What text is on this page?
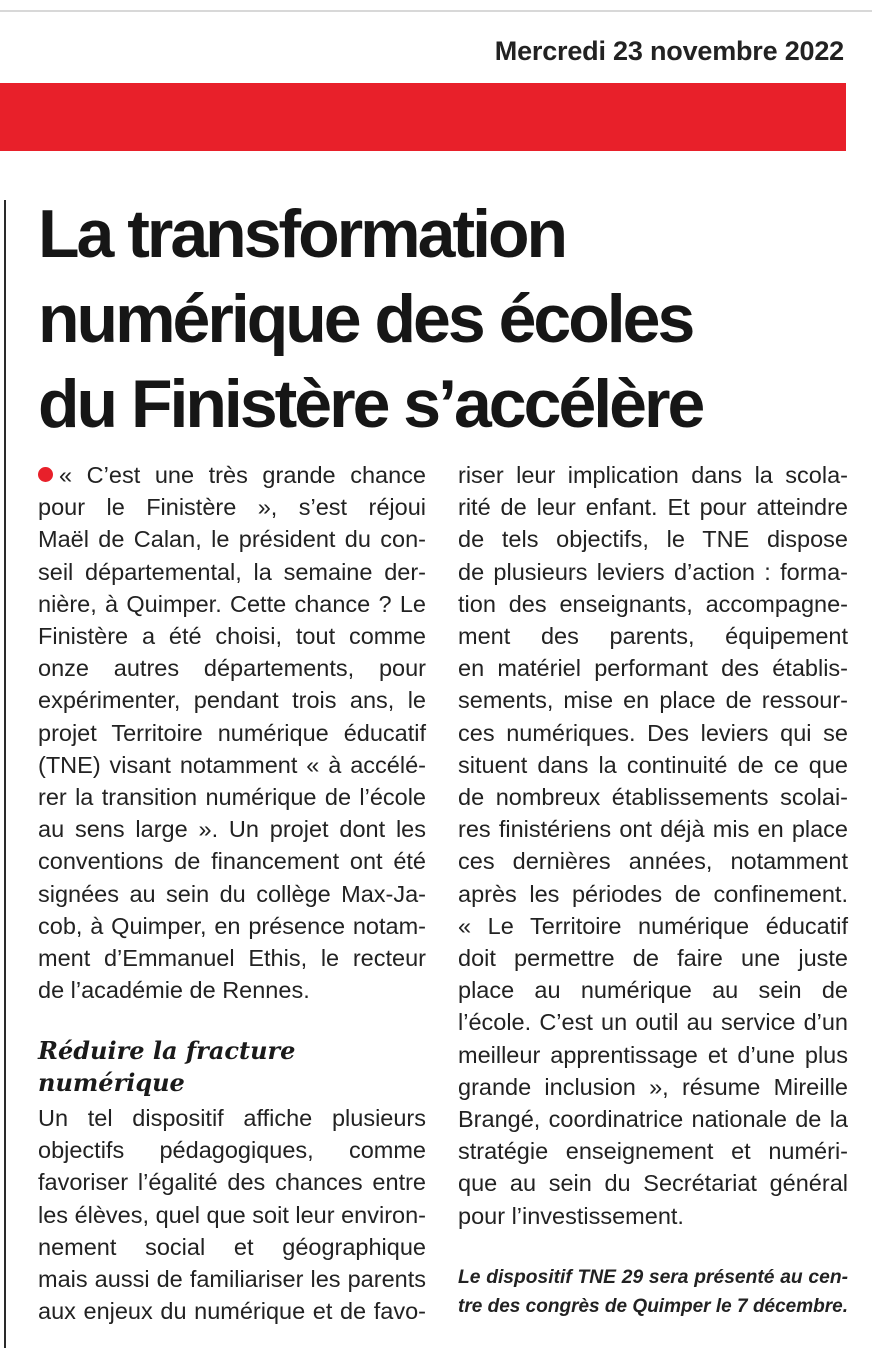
Mercredi 23 novembre 2022
La transformation
numérique des écoles
du Finistère s’accélère
« C’est une très grande chance
pour le Finistère », s’est réjoui
Maël de Calan, le président du con-
seil départemental, la semaine der-
nière, à Quimper. Cette chance ? Le
Finistère a été choisi, tout comme
onze autres départements, pour
expérimenter, pendant trois ans, le
projet Territoire numérique éducatif
(TNE) visant notamment « à accélé-
rer la transition numérique de l’école
au sens large ». Un projet dont les
conventions de financement ont été
signées au sein du collège Max-Ja-
cob, à Quimper, en présence notam-
ment d’Emmanuel Ethis, le recteur
de l’académie de Rennes.
Réduire la fracture
numérique
Un tel dispositif affiche plusieurs
objectifs pédagogiques, comme
favoriser l’égalité des chances entre
les élèves, quel que soit leur environ-
nement social et géographique
mais aussi de familiariser les parents
aux enjeux du numérique et de favo-
riser leur implication dans la scola-
rité de leur enfant. Et pour atteindre
de tels objectifs, le TNE dispose
de plusieurs leviers d’action : forma-
tion des enseignants, accompagne-
ment des parents, équipement
en matériel performant des établis-
sements, mise en place de ressour-
ces numériques. Des leviers qui se
situent dans la continuité de ce que
de nombreux établissements scolai-
res finistériens ont déjà mis en place
ces dernières années, notamment
après les périodes de confinement.
« Le Territoire numérique éducatif
doit permettre de faire une juste
place au numérique au sein de
l’école. C’est un outil au service d’un
meilleur apprentissage et d’une plus
grande inclusion », résume Mireille
Brangé, coordinatrice nationale de la
stratégie enseignement et numéri-
que au sein du Secrétariat général
pour l’investissement.
Le dispositif TNE 29 sera présenté au cen-
tre des congrès de Quimper le 7 décembre.
